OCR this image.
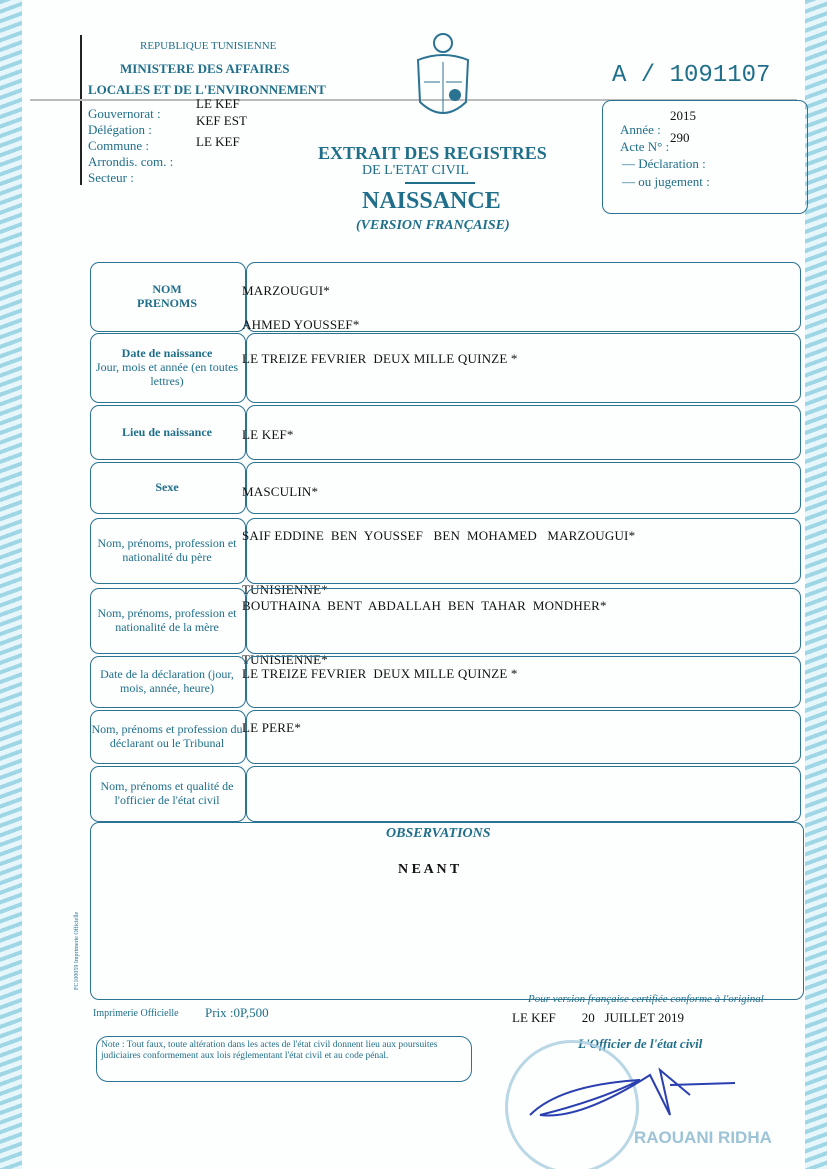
REPUBLIQUE TUNISIENNE
MINISTERE DES AFFAIRES
LOCALES ET DE L'ENVIRONNEMENT
Gouvernorat :
Délégation :
Commune :
Arrondis. com. :
Secteur :
LE KEF
KEF EST
LE KEF
A / 1091107
Année :
2015
Acte N° :
290
— Déclaration :
— ou jugement :
EXTRAIT DES REGISTRES
DE L'ETAT CIVIL
NAISSANCE
(VERSION FRANÇAISE)
NOM
PRENOMS
MARZOUGUI*
AHMED YOUSSEF*
Date de naissance
Jour, mois et année (en toutes lettres)
LE TREIZE FEVRIER  DEUX MILLE QUINZE *
Lieu de naissance	LE KEF*
Sexe	MASCULIN*
Nom, prénoms, profession et nationalité du père
SAIF EDDINE  BEN  YOUSSEF   BEN  MOHAMED   MARZOUGUI*
TUNISIENNE*
Nom, prénoms, profession et nationalité de la mère
BOUTHAINA  BENT  ABDALLAH  BEN  TAHAR  MONDHER*
TUNISIENNE*
Date de la déclaration (jour, mois, année, heure)
LE TREIZE FEVRIER  DEUX MILLE QUINZE *
Nom, prénoms et profession du déclarant ou le Tribunal
LE PERE*
Nom, prénoms et qualité de l'officier de l'état civil
OBSERVATIONS
N E A N T
FC100059 Imprimerie Officielle
Imprimerie Officielle Prix :0P,500
Pour version française certifiée conforme à l'original
LE KEF        20   JUILLET 2019
L'Officier de l'état civil
Note : Tout faux, toute altération dans les actes de l'état civil donnent lieu aux poursuites judiciaires conformement aux lois réglementant l'état civil et au code pénal.
RAOUANI RIDHA
